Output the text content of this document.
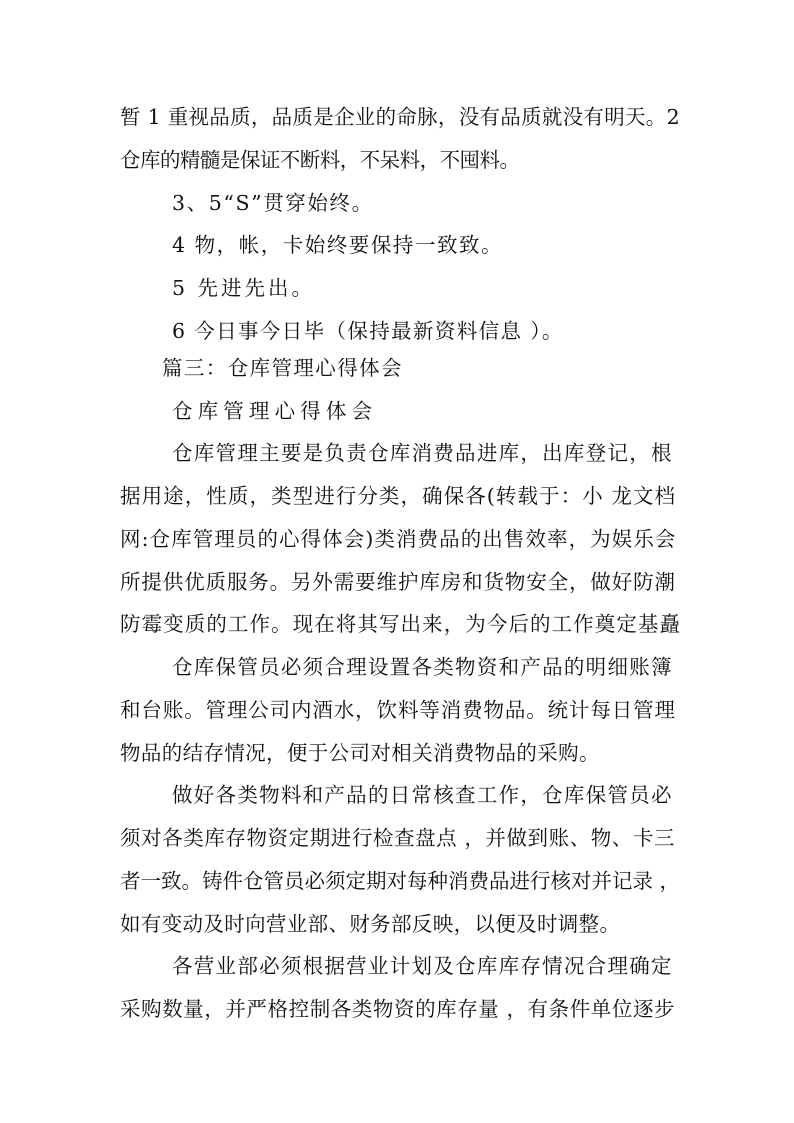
暂 1 重视品质，品质是企业的命脉，没有品质就没有明天。2
仓库的精髓是保证不断料，不呆料，不囤料。
3、5“S”贯穿始终。
4 物，帐，卡始终要保持一致致。
5 先进先出。
6 今日事今日毕（保持最新资料信息 ）。
篇三：仓库管理心得体会
仓库管理心得体会
仓库管理主要是负责仓库消费品进库，出库登记，根
据用途，性质，类型进行分类，确保各(转载于：小 龙文档
网:仓库管理员的心得体会)类消费品的出售效率，为娱乐会
所提供优质服务。另外需要维护库房和货物安全，做好防潮
防霉变质的工作。现在将其写出来，为今后的工作奠定基矗
仓库保管员必须合理设置各类物资和产品的明细账簿
和台账。管理公司内酒水，饮料等消费物品。统计每日管理
物品的结存情况，便于公司对相关消费物品的采购。
做好各类物料和产品的日常核查工作，仓库保管员必
须对各类库存物资定期进行检查盘点 ，并做到账、物、卡三
者一致。铸件仓管员必须定期对每种消费品进行核对并记录 ，
如有变动及时向营业部、财务部反映，以便及时调整。
各营业部必须根据营业计划及仓库库存情况合理确定
采购数量，并严格控制各类物资的库存量 ，有条件单位逐步
